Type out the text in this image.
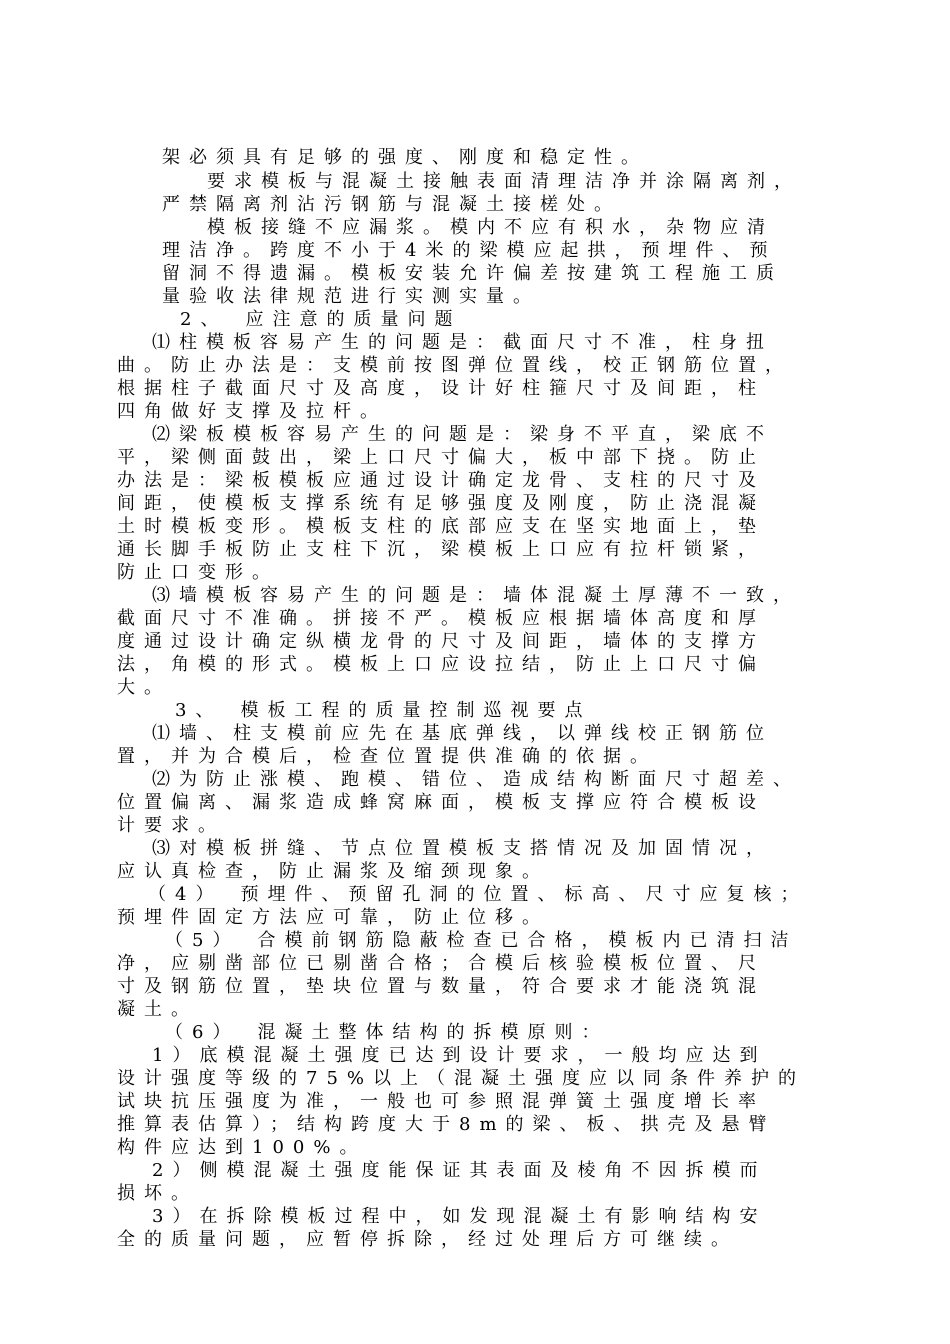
架必须具有足够的强度、刚度和稳定性。
要求模板与混凝土接触表面清理洁净并涂隔离剂，
严禁隔离剂沾污钢筋与混凝土接槎处。
模板接缝不应漏浆。模内不应有积水，杂物应清
理洁净。跨度不小于4米的梁模应起拱，预埋件、预
留洞不得遗漏。模板安装允许偏差按建筑工程施工质
量验收法律规范进行实测实量。
2、　应注意的质量问题
⑴柱模板容易产生的问题是：截面尺寸不准，柱身扭
曲。防止办法是：支模前按图弹位置线，校正钢筋位置，
根据柱子截面尺寸及高度，设计好柱箍尺寸及间距，柱
四角做好支撑及拉杆。
⑵梁板模板容易产生的问题是：梁身不平直，梁底不
平，梁侧面鼓出，梁上口尺寸偏大，板中部下挠。防止
办法是：梁板模板应通过设计确定龙骨、支柱的尺寸及
间距，使模板支撑系统有足够强度及刚度，防止浇混凝
土时模板变形。模板支柱的底部应支在坚实地面上，垫
通长脚手板防止支柱下沉，梁模板上口应有拉杆锁紧，
防止口变形。
⑶墙模板容易产生的问题是：墙体混凝土厚薄不一致，
截面尺寸不准确。拼接不严。模板应根据墙体高度和厚
度通过设计确定纵横龙骨的尺寸及间距，墙体的支撑方
法，角模的形式。模板上口应设拉结，防止上口尺寸偏
大。
3、　模板工程的质量控制巡视要点
⑴墙、柱支模前应先在基底弹线，以弹线校正钢筋位
置，并为合模后，检查位置提供准确的依据。
⑵为防止涨模、跑模、错位、造成结构断面尺寸超差、
位置偏离、漏浆造成蜂窝麻面，模板支撑应符合模板设
计要求。
⑶对模板拼缝、节点位置模板支搭情况及加固情况，
应认真检查，防止漏浆及缩颈现象。
（4）　预埋件、预留孔洞的位置、标高、尺寸应复核；
预埋件固定方法应可靠，防止位移。
（5）　合模前钢筋隐蔽检查已合格，模板内已清扫洁
净，应剔凿部位已剔凿合格；合模后核验模板位置、尺
寸及钢筋位置，垫块位置与数量，符合要求才能浇筑混
凝土。
（6）　混凝土整体结构的拆模原则：
1）底模混凝土强度已达到设计要求，一般均应达到
设计强度等级的75%以上（混凝土强度应以同条件养护的
试块抗压强度为准，一般也可参照混弹簧土强度增长率
推算表估算）；结构跨度大于8m的梁、板、拱壳及悬臂
构件应达到100%。
2）侧模混凝土强度能保证其表面及棱角不因拆模而
损坏。
3）在拆除模板过程中，如发现混凝土有影响结构安
全的质量问题，应暂停拆除，经过处理后方可继续。
